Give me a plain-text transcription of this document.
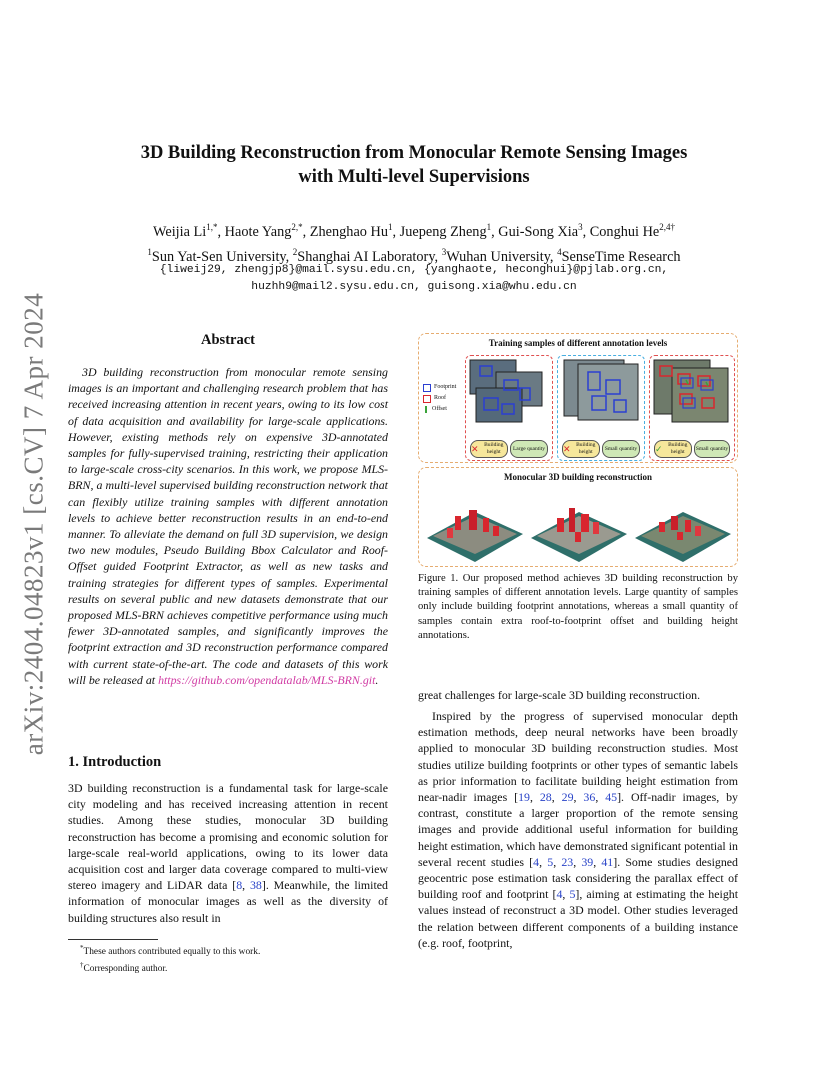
arXiv:2404.04823v1 [cs.CV] 7 Apr 2024
3D Building Reconstruction from Monocular Remote Sensing Images
with Multi-level Supervisions
Weijia $Li^{1,*}$, Haote Yang$^{2,*}$, Zhenghao Hu$^1$, Juepeng Zheng$^1$, Gui-Song Xia$^3$, Conghui $He^{2,4\dagger}$
$^1$Sun Yat-Sen University, $^2$Shanghai AI Laboratory, $^3$Wuhan University, $^4$SenseTime Research
{liweij29, zhengjp8}@mail.sysu.edu.cn, {yanghaote, heconghui}@pjlab.org.cn,
huzhh9@mail2.sysu.edu.cn, guisong.xia@whu.edu.cn
Abstract
3D building reconstruction from monocular remote sensing images is an important and challenging research problem that has received increasing attention in recent years, owing to its low cost of data acquisition and availability for large-scale applications. However, existing methods rely on expensive 3D-annotated samples for fully-supervised training, restricting their application to large-scale cross-city scenarios. In this work, we propose MLS-BRN, a multi-level supervised building reconstruction network that can flexibly utilize training samples with different annotation levels to achieve better reconstruction results in an end-to-end manner. To alleviate the demand on full 3D supervision, we design two new modules, Pseudo Building Bbox Calculator and Roof-Offset guided Footprint Extractor, as well as new tasks and training strategies for different types of samples. Experimental results on several public and new datasets demonstrate that our proposed MLS-BRN achieves competitive performance using much fewer 3D-annotated samples, and significantly improves the footprint extraction and 3D reconstruction performance compared with current state-of-the-art. The code and datasets of this work will be released at https://github.com/opendatalab/MLS-BRN.git.
1. Introduction
3D building reconstruction is a fundamental task for large-scale city modeling and has received increasing attention in recent studies. Among these studies, monocular 3D building reconstruction has become a promising and economic solution for large-scale real-world applications, owing to its lower data acquisition cost and larger data coverage compared to multi-view stereo imagery and LiDAR data [8, 38]. Meanwhile, the limited information of monocular images as well as the diversity of building structures also result in

*These authors contributed equally to this work.

†Corresponding author.

Training samples of different annotation levels
Footprint
Roof
Offset
✕	Building height
Large quantity	✕	Building height
Small quantity	✓	Building height
Small quantity
Monocular 3D building reconstruction
Figure 1. Our proposed method achieves 3D building reconstruction by training samples of different annotation levels. Large quantity of samples only include building footprint annotations, whereas a small quantity of samples contain extra roof-to-footprint offset and building height annotations.
great challenges for large-scale 3D building reconstruction.
Inspired by the progress of supervised monocular depth estimation methods, deep neural networks have been broadly applied to monocular 3D building reconstruction studies. Most studies utilize building footprints or other types of semantic labels as prior information to facilitate building height estimation from near-nadir images [19, 28, 29, 36, 45]. Off-nadir images, by contrast, constitute a larger proportion of the remote sensing images and provide additional useful information for building height estimation, which have demonstrated significant potential in several recent studies [4, 5, 23, 39, 41]. Some studies designed geocentric pose estimation task considering the parallax effect of building roof and footprint [4, 5], aiming at estimating the height values instead of reconstruct a 3D model. Other studies leveraged the relation between different components of a building instance (e.g. roof, footprint,
